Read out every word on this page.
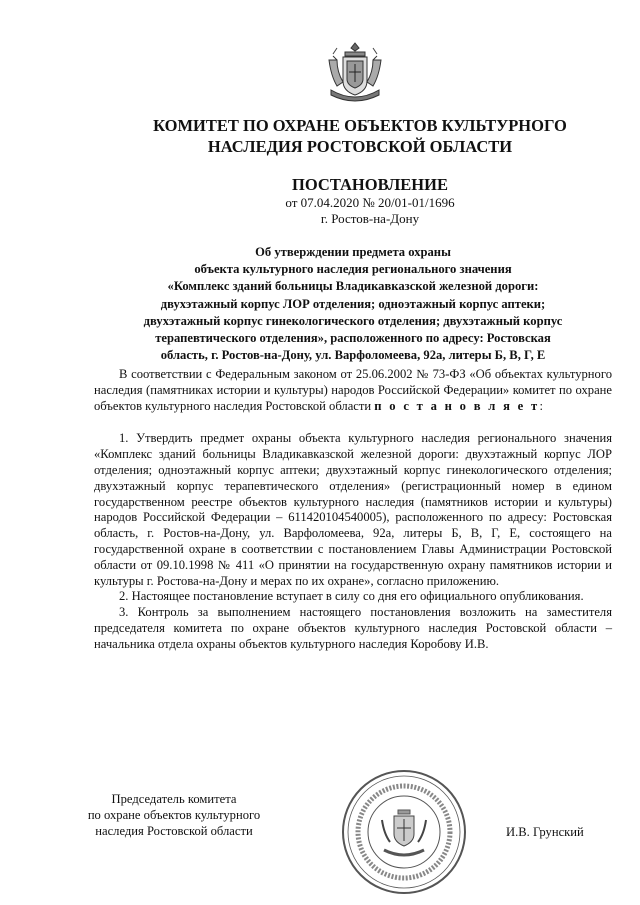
КОМИТЕТ ПО ОХРАНЕ ОБЪЕКТОВ КУЛЬТУРНОГО
НАСЛЕДИЯ РОСТОВСКОЙ ОБЛАСТИ
ПОСТАНОВЛЕНИЕ
от 07.04.2020 № 20/01-01/1696
г. Ростов-на-Дону
Об утверждении предмета охраны
объекта культурного наследия регионального значения
«Комплекс зданий больницы Владикавказской железной дороги:
двухэтажный корпус ЛОР отделения; одноэтажный корпус аптеки;
двухэтажный корпус гинекологического отделения; двухэтажный корпус
терапевтического отделения», расположенного по адресу: Ростовская
область, г. Ростов-на-Дону, ул. Варфоломеева, 92а, литеры Б, В, Г, Е

В соответствии с Федеральным законом от 25.06.2002 № 73-ФЗ «Об объектах культурного наследия (памятниках истории и культуры) народов Российской Федерации» комитет по охране объектов культурного наследия Ростовской области п о с т а н о в л я е т:

1. Утвердить предмет охраны объекта культурного наследия регионального значения «Комплекс зданий больницы Владикавказской железной дороги: двухэтажный корпус ЛОР отделения; одноэтажный корпус аптеки; двухэтажный корпус гинекологического отделения; двухэтажный корпус терапевтического отделения» (регистрационный номер в едином государственном реестре объектов культурного наследия (памятников истории и культуры) народов Российской Федерации – 611420104540005), расположенного по адресу: Ростовская область, г. Ростов-на-Дону, ул. Варфоломеева, 92а, литеры Б, В, Г, Е, состоящего на государственной охране в соответствии с постановлением Главы Администрации Ростовской области от 09.10.1998 № 411 «О принятии на государственную охрану памятников истории и культуры г. Ростова-на-Дону и мерах по их охране», согласно приложению.

2. Настоящее постановление вступает в силу со дня его официального опубликования.

3. Контроль за выполнением настоящего постановления возложить на заместителя председателя комитета по охране объектов культурного наследия Ростовской области – начальника отдела охраны объектов культурного наследия Коробову И.В.

Председатель комитета
по охране объектов культурного
наследия Ростовской области	И.В. Грунский
